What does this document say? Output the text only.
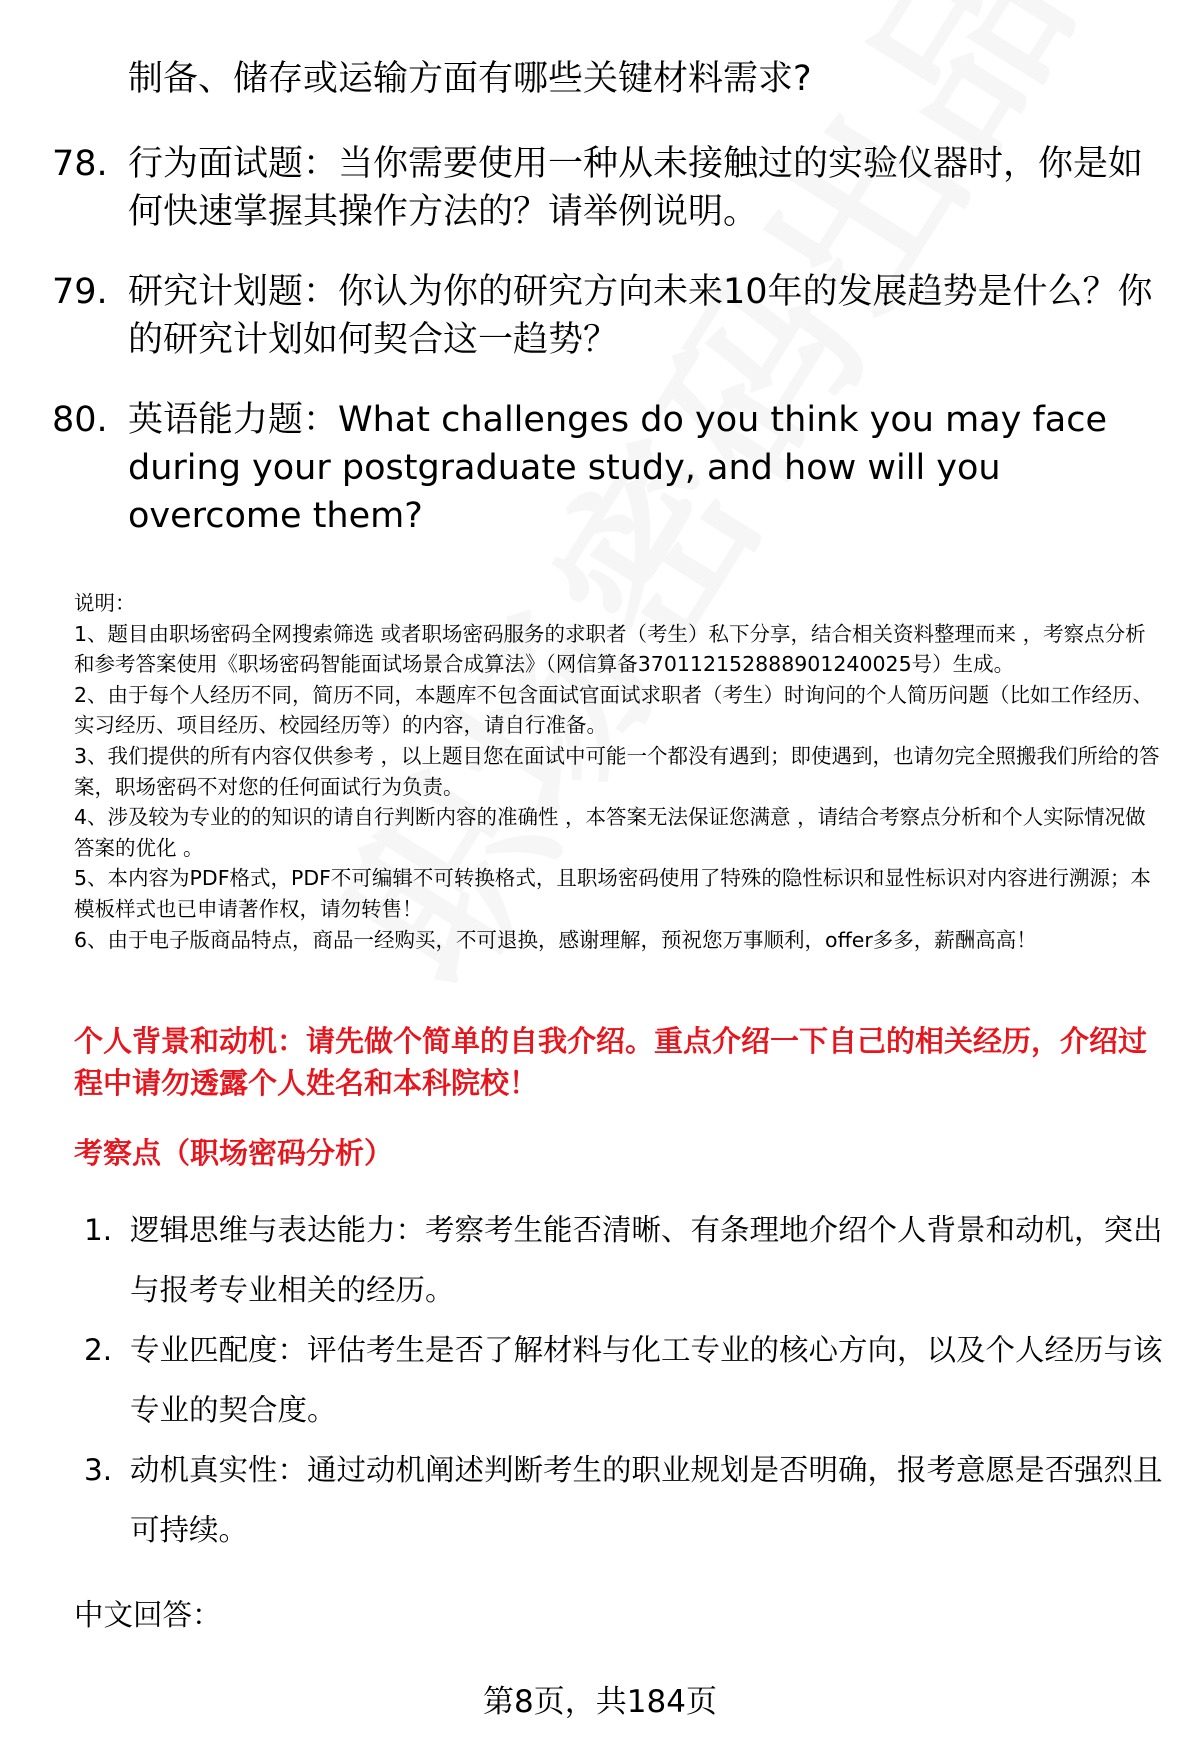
制备、储存或运输方面有哪些关键材料需求?
78. 行为面试题：当你需要使用一种从未接触过的实验仪器时，你是如何快速掌握其操作方法的？请举例说明。
79. 研究计划题：你认为你的研究方向未来10年的发展趋势是什么？你的研究计划如何契合这一趋势？
80. 英语能力题：What challenges do you think you may face during your postgraduate study, and how will you overcome them?

说明：

1、题目由职场密码全网搜索筛选 或者职场密码服务的求职者（考生）私下分享，结合相关资料整理而来 ，考察点分析和参考答案使用《职场密码智能面试场景合成算法》（网信算备370112152888901240025号）生成。

2、由于每个人经历不同，简历不同，本题库不包含面试官面试求职者（考生）时询问的个人简历问题（比如工作经历、实习经历、项目经历、校园经历等）的内容，请自行准备。

3、我们提供的所有内容仅供参考 ，以上题目您在面试中可能一个都没有遇到；即使遇到，也请勿完全照搬我们所给的答案，职场密码不对您的任何面试行为负责。

4、涉及较为专业的的知识的请自行判断内容的准确性 ，本答案无法保证您满意 ，请结合考察点分析和个人实际情况做答案的优化 。

5、本内容为PDF格式，PDF不可编辑不可转换格式，且职场密码使用了特殊的隐性标识和显性标识对内容进行溯源；本模板样式也已申请著作权，请勿转售！

6、由于电子版商品特点，商品一经购买，不可退换，感谢理解，预祝您万事顺利，offer多多，薪酬高高！

个人背景和动机：请先做个简单的自我介绍。重点介绍一下自己的相关经历，介绍过程中请勿透露个人姓名和本科院校！
考察点（职场密码分析）
1. 逻辑思维与表达能力：考察考生能否清晰、有条理地介绍个人背景和动机，突出与报考专业相关的经历。
2. 专业匹配度：评估考生是否了解材料与化工专业的核心方向，以及个人经历与该专业的契合度。
3. 动机真实性：通过动机阐述判断考生的职业规划是否明确，报考意愿是否强烈且可持续。
中文回答：
第8页，共184页
